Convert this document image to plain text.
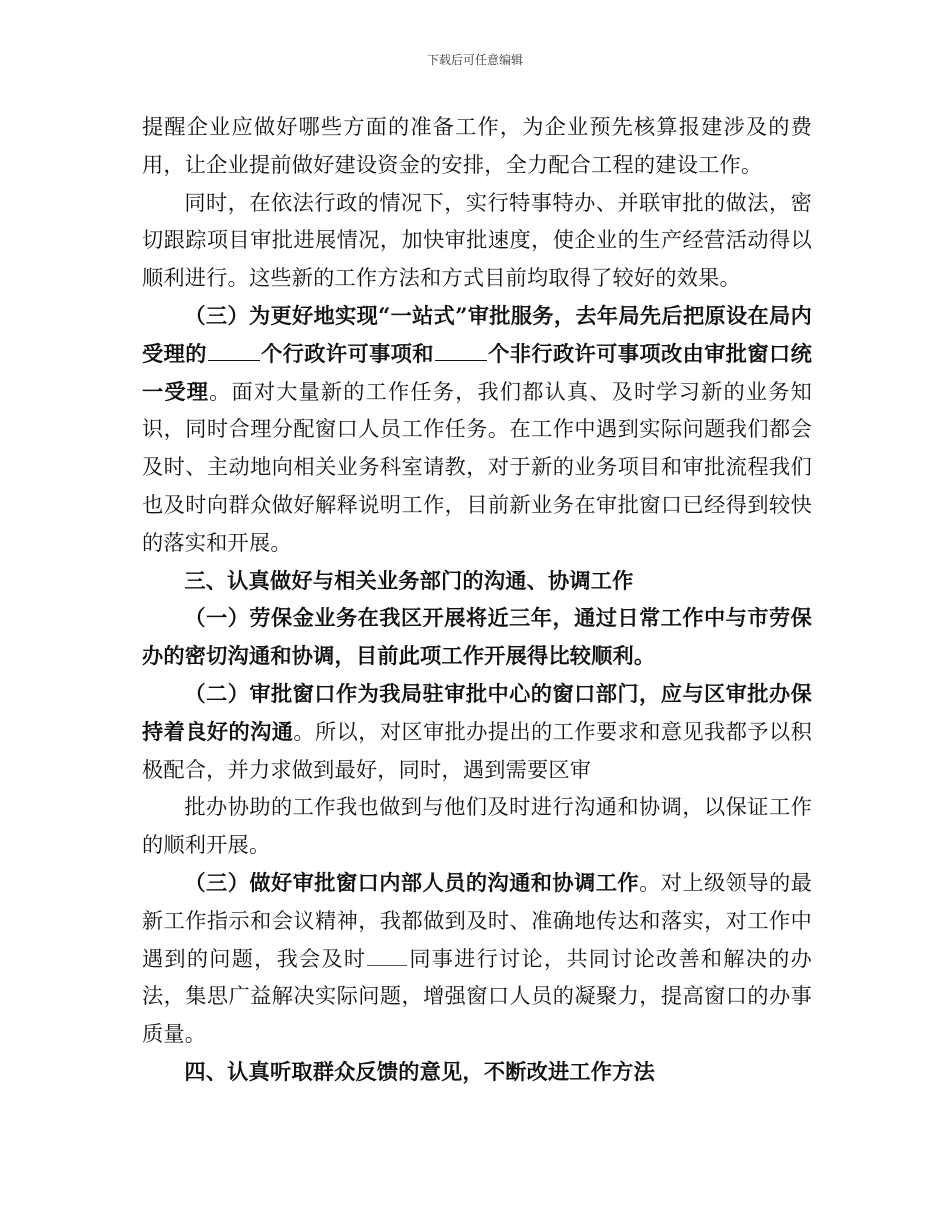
下载后可任意编辑

提醒企业应做好哪些方面的准备工作，为企业预先核算报建涉及的费用，让企业提前做好建设资金的安排，全力配合工程的建设工作。

同时，在依法行政的情况下，实行特事特办、并联审批的做法，密切跟踪项目审批进展情况，加快审批速度，使企业的生产经营活动得以顺利进行。这些新的工作方法和方式目前均取得了较好的效果。

（三）为更好地实现“一站式”审批服务，去年局先后把原设在局内受理的	个行政许可事项和	个非行政许可事项改由审批窗口统一受理。面对大量新的工作任务，我们都认真、及时学习新的业务知识，同时合理分配窗口人员工作任务。在工作中遇到实际问题我们都会及时、主动地向相关业务科室请教，对于新的业务项目和审批流程我们也及时向群众做好解释说明工作，目前新业务在审批窗口已经得到较快的落实和开展。

三、认真做好与相关业务部门的沟通、协调工作

（一）劳保金业务在我区开展将近三年，通过日常工作中与市劳保办的密切沟通和协调，目前此项工作开展得比较顺利。

（二）审批窗口作为我局驻审批中心的窗口部门，应与区审批办保持着良好的沟通。所以，对区审批办提出的工作要求和意见我都予以积极配合，并力求做到最好，同时，遇到需要区审

批办协助的工作我也做到与他们及时进行沟通和协调，以保证工作的顺利开展。

（三）做好审批窗口内部人员的沟通和协调工作。对上级领导的最新工作指示和会议精神，我都做到及时、准确地传达和落实，对工作中遇到的问题，我会及时 同事进行讨论，共同讨论改善和解决的办法，集思广益解决实际问题，增强窗口人员的凝聚力，提高窗口的办事质量。

四、认真听取群众反馈的意见，不断改进工作方法
